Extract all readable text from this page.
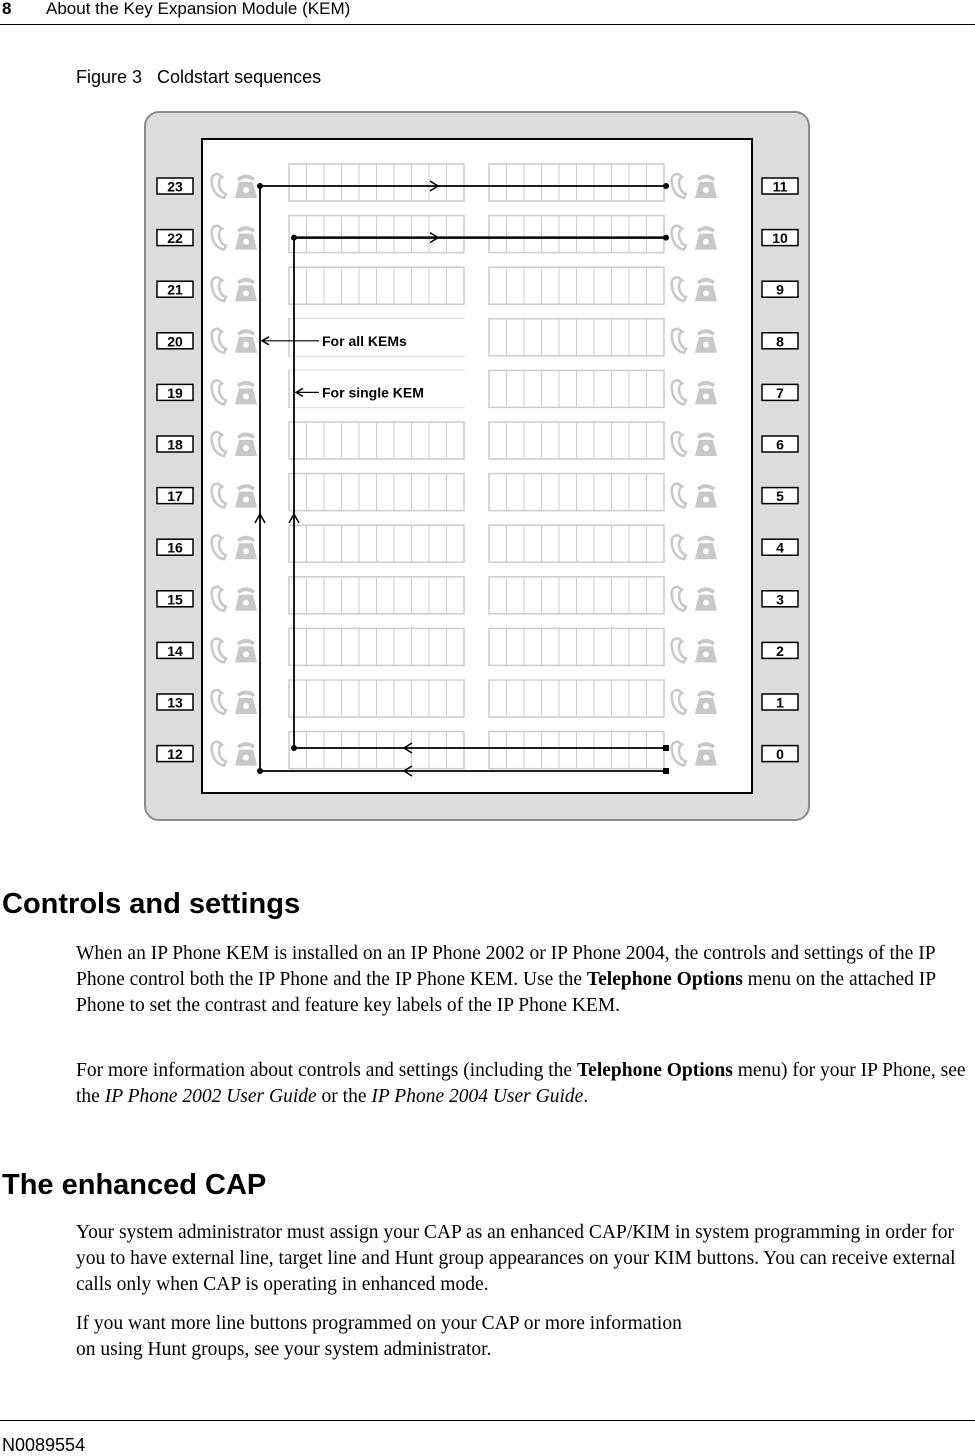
8 About the Key Expansion Module (KEM)
Figure 3   Coldstart sequences
23
22
21
20
19
18
17
16
15
14
13
12
11
10
9
8
7
6
5
4
3
2
1
0
For all KEMs
For single KEM
Controls and settings

When an IP Phone KEM is installed on an IP Phone 2002 or IP Phone 2004, the controls and settings of the IP Phone control both the IP Phone and the IP Phone KEM. Use the Telephone Options menu on the attached IP Phone to set the contrast and feature key labels of the IP Phone KEM.

For more information about controls and settings (including the Telephone Options menu) for your IP Phone, see the IP Phone 2002 User Guide or the IP Phone 2004 User Guide.

The enhanced CAP

Your system administrator must assign your CAP as an enhanced CAP/KIM in system programming in order for you to have external line, target line and Hunt group appearances on your KIM buttons. You can receive external calls only when CAP is operating in enhanced mode.

If you want more line buttons programmed on your CAP or more information on using Hunt groups, see your system administrator.

N0089554
